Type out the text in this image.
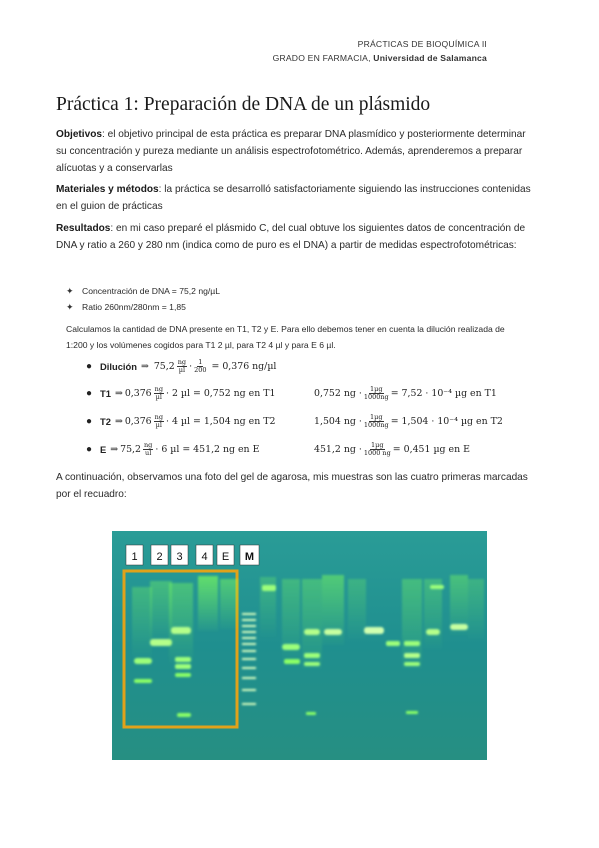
PRÁCTICAS DE BIOQUÍMICA II
GRADO EN FARMACIA, Universidad de Salamanca
Práctica 1: Preparación de DNA de un plásmido
Objetivos: el objetivo principal de esta práctica es preparar DNA plasmídico y posteriormente determinar su concentración y pureza mediante un análisis espectrofotométrico. Además, aprenderemos a preparar alícuotas y a conservarlas
Materiales y métodos: la práctica se desarrolló satisfactoriamente siguiendo las instrucciones contenidas en el guion de prácticas
Resultados: en mi caso preparé el plásmido C, del cual obtuve los siguientes datos de concentración de DNA y ratio a 260 y 280 nm (indica como de puro es el DNA) a partir de medidas espectrofotométricas:
✦ Concentración de DNA = 75,2 ng/µL
✦ Ratio 260nm/280nm = 1,85
Calculamos la cantidad de DNA presente en T1, T2 y E. Para ello debemos tener en cuenta la dilución realizada de 1:200 y los volúmenes cogidos para T1 2 µl, para T2 4 µl y para E 6 µl.
● Dilución ⇒ $75,2 \frac{ng}{\text{µl}} \cdot \frac{1}{200} = 0,376$ ng/µl
● T1 ⇒ $0,376 \frac{ng}{\text{µl}} \cdot 2$ µl = 0,752 ng en T1	0,752 ng · $\frac{\text{1µg}}{1000ng} = 7,52 \cdot 10^{-4}$ µg en T1
● T2 ⇒ $0,376 \frac{ng}{\text{µl}} \cdot 4$ µl = 1,504 ng en T2	1,504 ng · $\frac{\text{1µg}}{1000ng} = 1,504 \cdot 10^{-4}$ µg en T2
● E ⇒ $75,2 \frac{ng}{ul} \cdot 6$ µl = 451,2 ng en E	451,2 ng · $\frac{\text{1µg}}{1000 ng} = 0,451$ µg en E
A continuación, observamos una foto del gel de agarosa, mis muestras son las cuatro primeras marcadas por el recuadro:
1 2 3 4 E M
